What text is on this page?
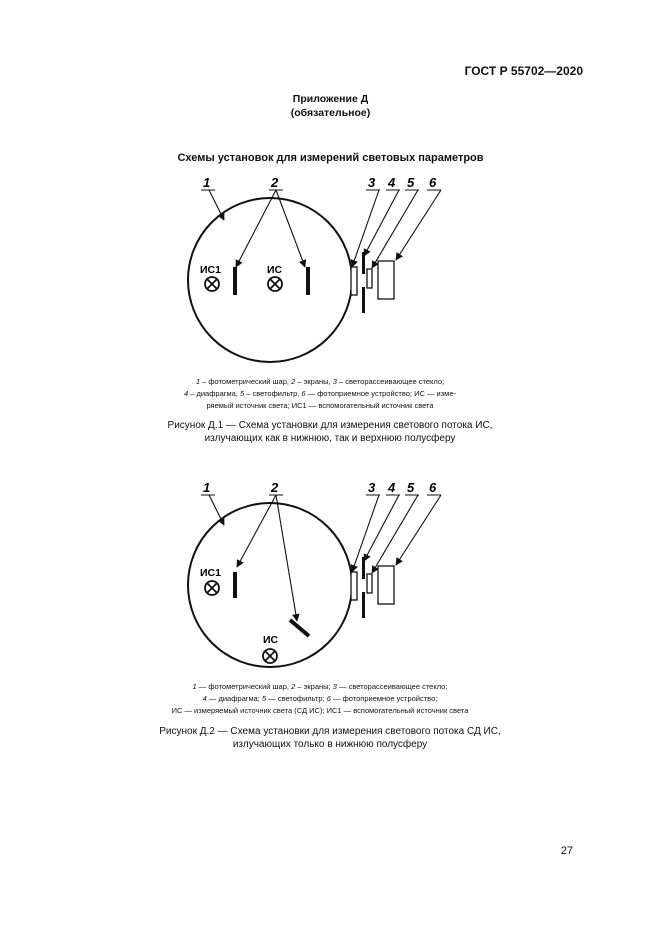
ГОСТ Р 55702—2020
Приложение Д
(обязательное)
Схемы установок для измерений световых параметров
1	2	3 4 5 6
ИС1	ИС
1 – фотометрический шар, 2 – экраны, 3 – светорассеивающее стекло;
4 – диафрагма, 5 – светофильтр, 6 — фотоприемное устройство; ИС — изме-
ряемый источник света; ИС1 — вспомогательный источник света
Рисунок Д.1 — Схема установки для измерения светового потока ИС,
излучающих как в нижнюю, так и верхнюю полусферу
1	2	3 4 5 6
ИС1
ИС
1 — фотометрический шар, 2 – экраны; 3 — светорассеивающее стекло;
4 — диафрагма; 5 — светофильтр; 6 — фотоприемное устройство;
ИС — измеряемый источник света (СД ИС); ИС1 — вспомогательный источник света
Рисунок Д.2 — Схема установки для измерения светового потока СД ИС,
излучающих только в нижнюю полусферу
27
